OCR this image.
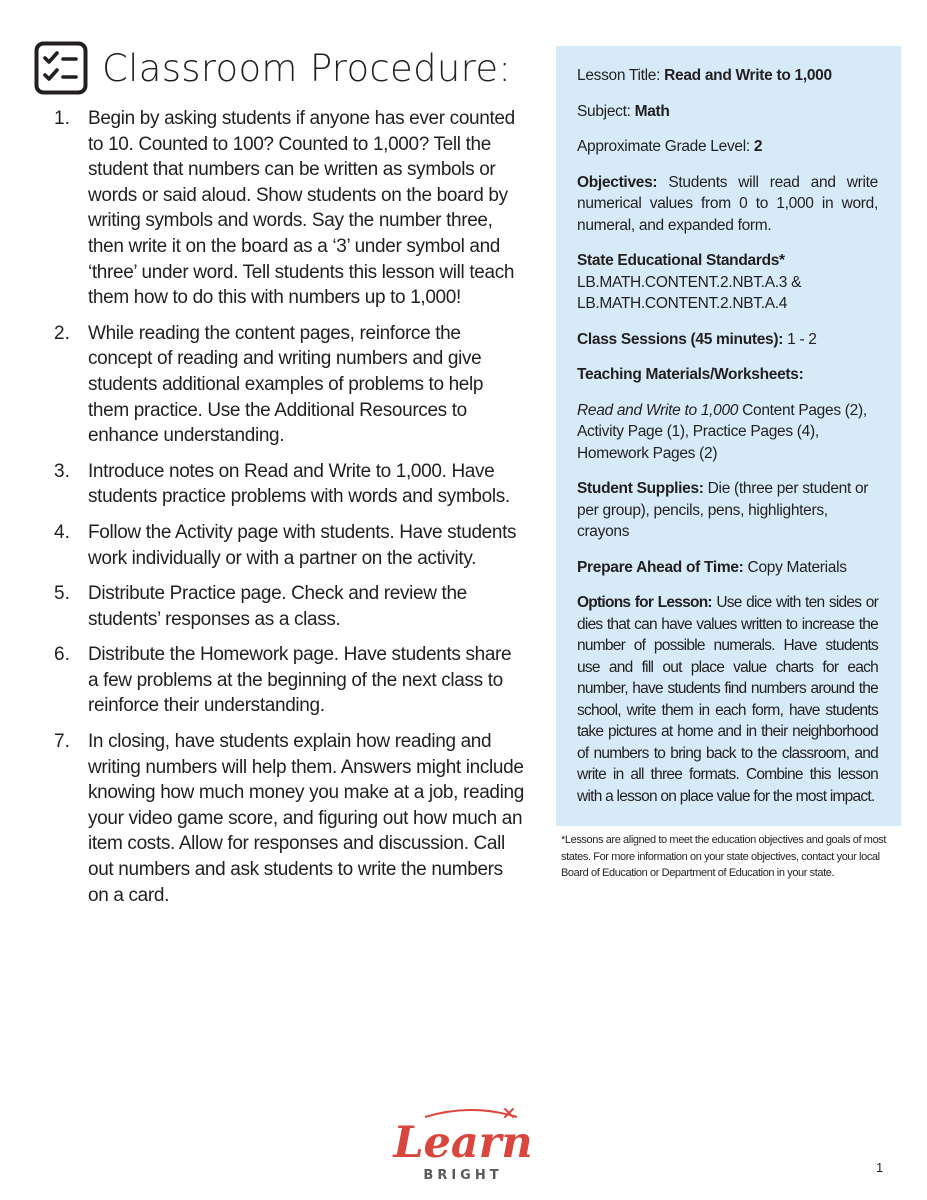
Classroom Procedure:
1. Begin by asking students if anyone has ever counted to 10. Counted to 100? Counted to 1,000? Tell the student that numbers can be written as symbols or words or said aloud. Show students on the board by writing symbols and words. Say the number three, then write it on the board as a ‘3’ under symbol and ‘three’ under word. Tell students this lesson will teach them how to do this with numbers up to 1,000!
2. While reading the content pages, reinforce the concept of reading and writing numbers and give students additional examples of problems to help them practice. Use the Additional Resources to enhance understanding.
3. Introduce notes on Read and Write to 1,000. Have students practice problems with words and symbols.
4. Follow the Activity page with students. Have students work individually or with a partner on the activity.
5. Distribute Practice page. Check and review the students’ responses as a class.
6. Distribute the Homework page. Have students share a few problems at the beginning of the next class to reinforce their understanding.
7. In closing, have students explain how reading and writing numbers will help them. Answers might include knowing how much money you make at a job, reading your video game score, and figuring out how much an item costs. Allow for responses and discussion. Call out numbers and ask students to write the numbers on a card.

Lesson Title: Read and Write to 1,000

Subject: Math

Approximate Grade Level: 2

Objectives: Students will read and write numerical values from 0 to 1,000 in word, numeral, and expanded form.

State Educational Standards*
LB.MATH.CONTENT.2.NBT.A.3 & LB.MATH.CONTENT.2.NBT.A.4

Class Sessions (45 minutes): 1 - 2

Teaching Materials/Worksheets:

Read and Write to 1,000 Content Pages (2), Activity Page (1), Practice Pages (4), Homework Pages (2)

Student Supplies: Die (three per student or per group), pencils, pens, highlighters, crayons

Prepare Ahead of Time: Copy Materials

Options for Lesson: Use dice with ten sides or dies that can have values written to increase the number of possible numerals. Have students use and fill out place value charts for each number, have students find numbers around the school, write them in each form, have students take pictures at home and in their neighborhood of numbers to bring back to the classroom, and write in all three formats. Combine this lesson with a lesson on place value for the most impact.

*Lessons are aligned to meet the education objectives and goals of most states. For more information on your state objectives, contact your local Board of Education or Department of Education in your state.
Learn
BRIGHT
1
